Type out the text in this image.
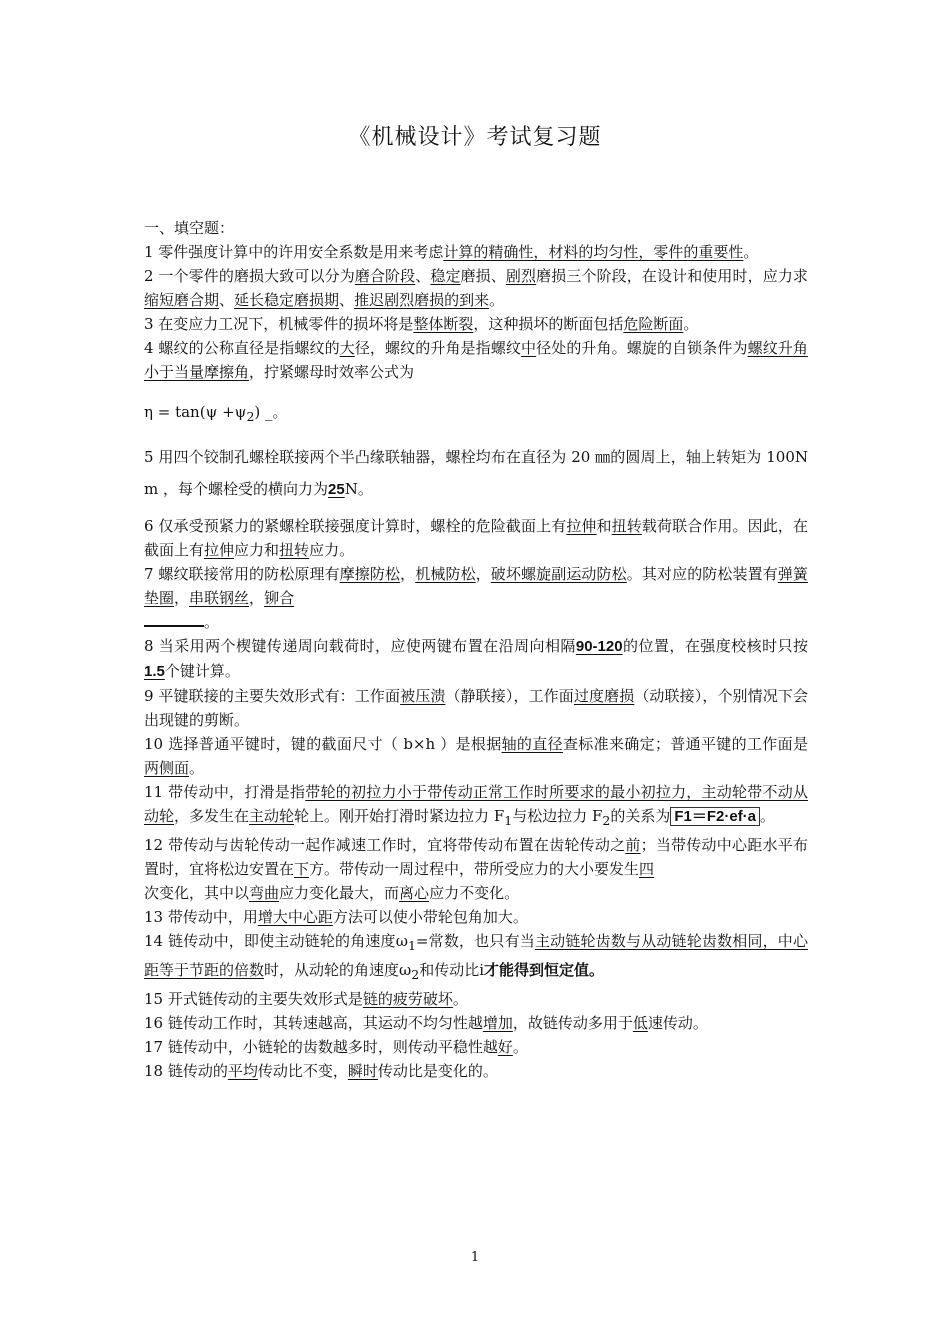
《机械设计》考试复习题

一、填空题：

1 零件强度计算中的许用安全系数是用来考虑计算的精确性，材料的均匀性，零件的重要性。

2 一个零件的磨损大致可以分为磨合阶段、稳定磨损、剧烈磨损三个阶段，在设计和使用时，应力求缩短磨合期、延长稳定磨损期、推迟剧烈磨损的到来。

3 在变应力工况下，机械零件的损坏将是整体断裂，这种损坏的断面包括危险断面。

4 螺纹的公称直径是指螺纹的大径，螺纹的升角是指螺纹中径处的升角。螺旋的自锁条件为螺纹升角小于当量摩擦角，拧紧螺母时效率公式为

$\eta = \tan(\psi +\psi_2)$ _。

5 用四个铰制孔螺栓联接两个半凸缘联轴器，螺栓均布在直径为 20 ㎜的圆周上，轴上转矩为 100N m ，每个螺栓受的横向力为25N。

6 仅承受预紧力的紧螺栓联接强度计算时，螺栓的危险截面上有拉伸和扭转载荷联合作用。因此，在截面上有拉伸应力和扭转应力。

7 螺纹联接常用的防松原理有摩擦防松，机械防松，破坏螺旋副运动防松。其对应的防松装置有弹簧垫圈，串联钢丝，铆合

。

8 当采用两个楔键传递周向载荷时，应使两键布置在沿周向相隔90-120的位置，在强度校核时只按1.5个键计算。

9 平键联接的主要失效形式有：工作面被压溃（静联接），工作面过度磨损（动联接），个别情况下会出现键的剪断。

10 选择普通平键时，键的截面尺寸（ b×h ）是根据轴的直径查标准来确定；普通平键的工作面是两侧面。

11 带传动中，打滑是指带轮的初拉力小于带传动正常工作时所要求的最小初拉力，主动轮带不动从动轮，多发生在主动轮轮上。刚开始打滑时紧边拉力 $F_1$与松边拉力 $F_2$的关系为 F1＝F2·ef·a 。

12 带传动与齿轮传动一起作减速工作时，宜将带传动布置在齿轮传动之前；当带传动中心距水平布置时，宜将松边安置在下方。带传动一周过程中，带所受应力的大小要发生四
次变化，其中以弯曲应力变化最大，而离心应力不变化。

13 带传动中，用增大中心距方法可以使小带轮包角加大。

14 链传动中，即使主动链轮的角速度$\omega_1=$常数，也只有当主动链轮齿数与从动链轮齿数相同，中心距等于节距的倍数时，从动轮的角速度$\omega_2$和传动比i才能得到恒定值。

15 开式链传动的主要失效形式是链的疲劳破坏。

16 链传动工作时，其转速越高，其运动不均匀性越增加，故链传动多用于低速传动。

17 链传动中，小链轮的齿数越多时，则传动平稳性越好。

18 链传动的平均传动比不变，瞬时传动比是变化的。

1
